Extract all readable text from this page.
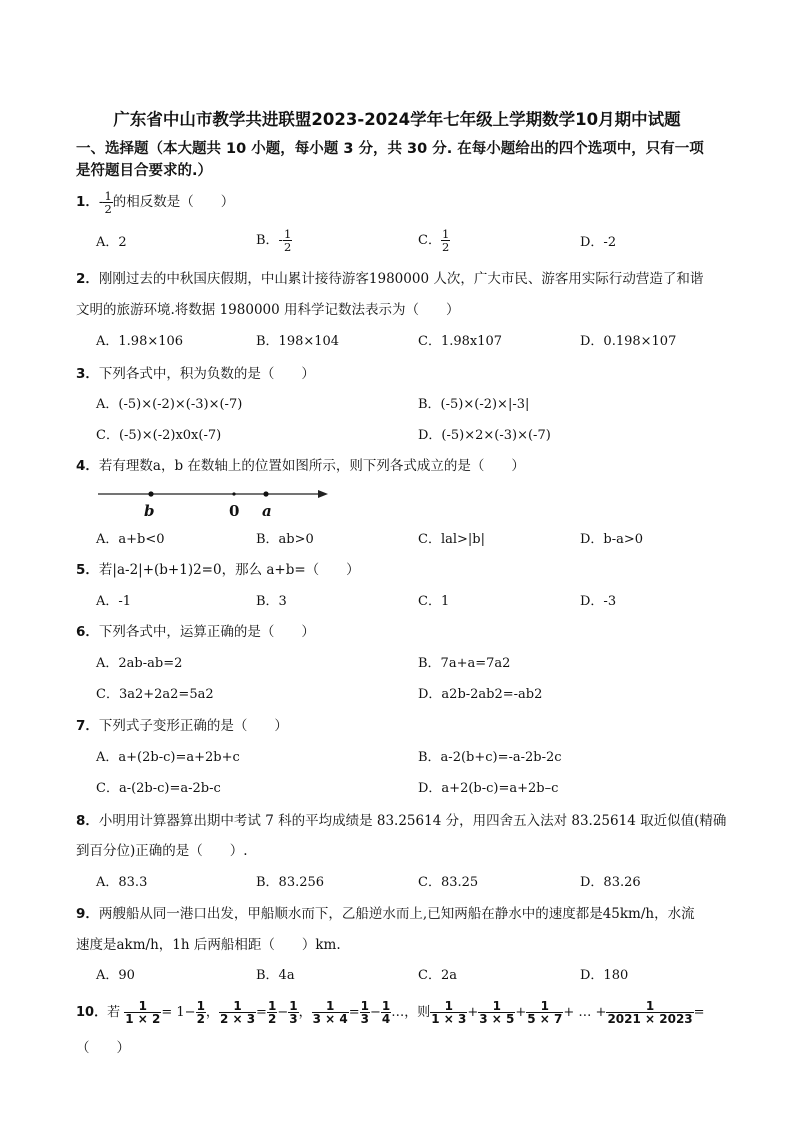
广东省中山市教学共进联盟2023-2024学年七年级上学期数学10月期中试题
一、选择题（本大题共 10 小题，每小题 3 分，共 30 分. 在每小题给出的四个选项中，只有一项
是符题目合要求的.）
1．- $\frac{1}{2}$ 的相反数是（　　）
A．2	B．- $\frac{1}{2}$	C． $\frac{1}{2}$	D．-2
2．刚刚过去的中秋国庆假期，中山累计接待游客1980000 人次，广大市民、游客用实际行动营造了和谐
文明的旅游环境.将数据 1980000 用科学记数法表示为（　　）
A．1.98×106	B．198×104	C．1.98x107	D．0.198×107
3．下列各式中，积为负数的是（　　）
A．(-5)×(-2)×(-3)×(-7)	B．(-5)×(-2)×|-3|
C．(-5)×(-2)x0x(-7)	D．(-5)×2×(-3)×(-7)
4．若有理数a，b 在数轴上的位置如图所示，则下列各式成立的是（　　）
b	0 a
A．a+b<0	B．ab>0	C．lal>|b|	D．b-a>0
5．若|a-2|+(b+1)2=0，那么 a+b=（　　）
A．-1	B．3	C．1	D．-3
6．下列各式中，运算正确的是（　　）
A．2ab-ab=2	B．7a+a=7a2
C．3a2+2a2=5a2	D．a2b-2ab2=-ab2
7．下列式子变形正确的是（　　）
A．a+(2b-c)=a+2b+c	B．a-2(b+c)=-a-2b-2c
C．a-(2b-c)=a-2b-c	D．a+2(b-c)=a+2b–c
8．小明用计算器算出期中考试 7 科的平均成绩是 83.25614 分，用四舍五入法对 83.25614 取近似值(精确
到百分位)正确的是（　　）.
A．83.3	B．83.256	C．83.25	D．83.26
9．两艘船从同一港口出发，甲船顺水而下，乙船逆水而上,已知两船在静水中的速度都是45km/h，水流
速度是akm/h，1h 后两船相距（　　）km.
A．90	B．4a	C．2a	D．180
10．若 $\frac{1}{1 \times 2} = 1- \frac{1}{2}$ ， $\frac{1}{2 \times 3} = \frac{1}{2} - \frac{1}{3}$ ， $\frac{1}{3 \times 4} = \frac{1}{3} - \frac{1}{4}$ …，则 $\frac{1}{1 \times 3} + \frac{1}{3 \times 5} + \frac{1}{5 \times 7}$ + … + $\frac{1}{2021 \times 2023}$ =
（　　）
